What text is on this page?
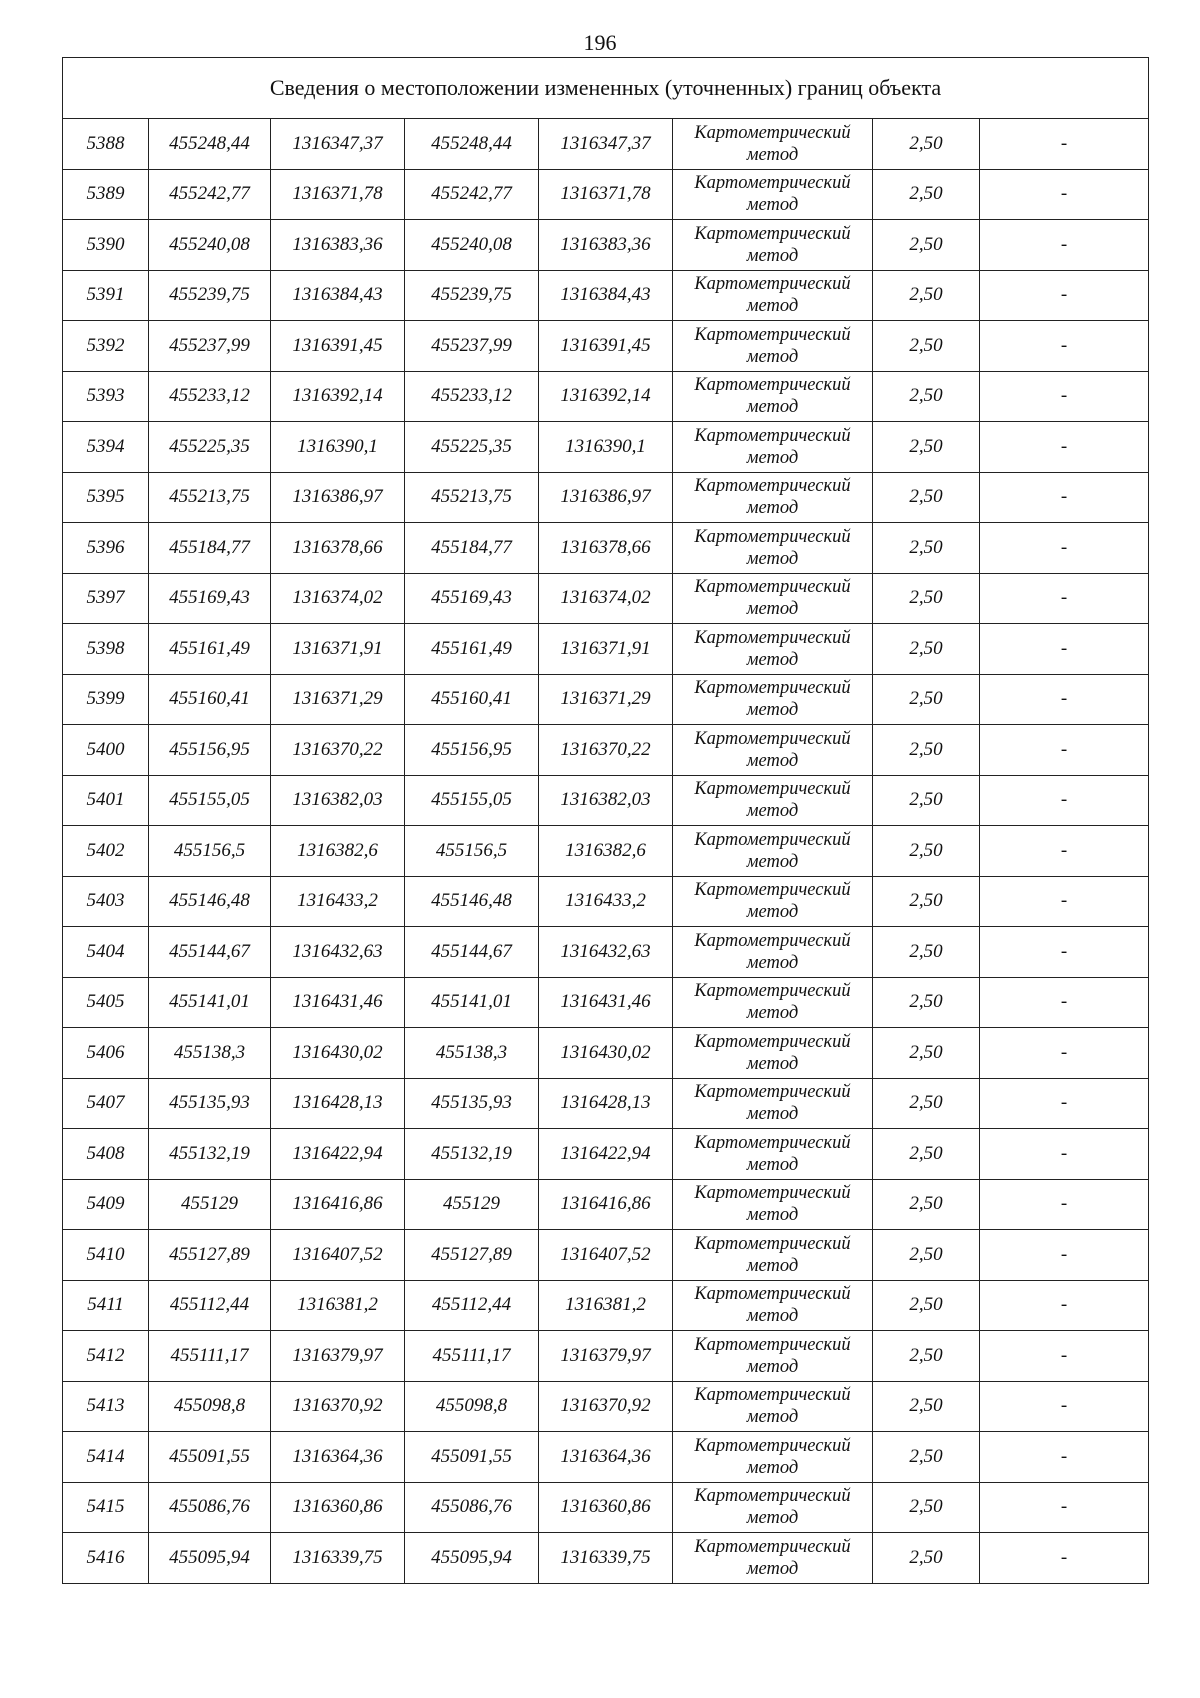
196
Сведения о местоположении измененных (уточненных) границ объекта							
5388	455248,44	1316347,37	455248,44	1316347,37	Картометрический метод	2,50	-
5389	455242,77	1316371,78	455242,77	1316371,78	Картометрический метод	2,50	-
5390	455240,08	1316383,36	455240,08	1316383,36	Картометрический метод	2,50	-
5391	455239,75	1316384,43	455239,75	1316384,43	Картометрический метод	2,50	-
5392	455237,99	1316391,45	455237,99	1316391,45	Картометрический метод	2,50	-
5393	455233,12	1316392,14	455233,12	1316392,14	Картометрический метод	2,50	-
5394	455225,35	1316390,1	455225,35	1316390,1	Картометрический метод	2,50	-
5395	455213,75	1316386,97	455213,75	1316386,97	Картометрический метод	2,50	-
5396	455184,77	1316378,66	455184,77	1316378,66	Картометрический метод	2,50	-
5397	455169,43	1316374,02	455169,43	1316374,02	Картометрический метод	2,50	-
5398	455161,49	1316371,91	455161,49	1316371,91	Картометрический метод	2,50	-
5399	455160,41	1316371,29	455160,41	1316371,29	Картометрический метод	2,50	-
5400	455156,95	1316370,22	455156,95	1316370,22	Картометрический метод	2,50	-
5401	455155,05	1316382,03	455155,05	1316382,03	Картометрический метод	2,50	-
5402	455156,5	1316382,6	455156,5	1316382,6	Картометрический метод	2,50	-
5403	455146,48	1316433,2	455146,48	1316433,2	Картометрический метод	2,50	-
5404	455144,67	1316432,63	455144,67	1316432,63	Картометрический метод	2,50	-
5405	455141,01	1316431,46	455141,01	1316431,46	Картометрический метод	2,50	-
5406	455138,3	1316430,02	455138,3	1316430,02	Картометрический метод	2,50	-
5407	455135,93	1316428,13	455135,93	1316428,13	Картометрический метод	2,50	-
5408	455132,19	1316422,94	455132,19	1316422,94	Картометрический метод	2,50	-
5409	455129	1316416,86	455129	1316416,86	Картометрический метод	2,50	-
5410	455127,89	1316407,52	455127,89	1316407,52	Картометрический метод	2,50	-
5411	455112,44	1316381,2	455112,44	1316381,2	Картометрический метод	2,50	-
5412	455111,17	1316379,97	455111,17	1316379,97	Картометрический метод	2,50	-
5413	455098,8	1316370,92	455098,8	1316370,92	Картометрический метод	2,50	-
5414	455091,55	1316364,36	455091,55	1316364,36	Картометрический метод	2,50	-
5415	455086,76	1316360,86	455086,76	1316360,86	Картометрический метод	2,50	-
5416	455095,94	1316339,75	455095,94	1316339,75	Картометрический метод	2,50	-
